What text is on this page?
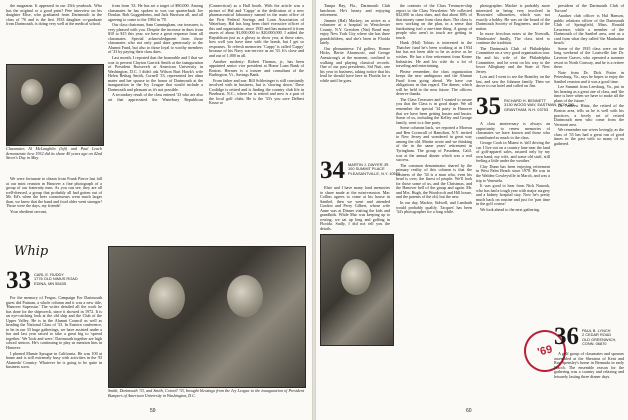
the magazine. It appeared in our 25th yearbook. Who has the original or a good print? Pete interview on his daughter Elise, who graduated from Dartmouth in the class of '76 and is the first 1933 daughter co-graduate from Dartmouth, is doing very well at the medical school.

Classmates Al McLaughlin (left) and Paul Leach demonstrate how 1932 did its share 40 years ago on 42nd Street's Day in May.

We were fortunate to obtain from Frank Pierce last fall at our mini reunion in Hanover a fine photograph of a group of our fraternity men. As you can see, they are all well-dressed, a group that probably all had gotten out of Mr. Ed's when the beer connoisseurs went much larger than, we knew that the band and food older went stronger! Those were the days, my friends!

Your obedient servant,

Whip
33 CARL E. RUDDY
1776 OLD NIMUS ROAD
EDINA, MN 55435

For the memory of Fergus, Campaign For Dartmouth guest did Putnam, a whole column and it was a new title, 'Hanover Superstar.' The writer detailed all the work he has done for the shipwreck, since it showed in 1972. It is an eye-catching look at the old ship and the Club of the Upper Valley. He is in the Alumni Council as well as heading the National Class of '33. In Eastern conference, to be in our 33 huge gatherings, we have assisted under a bar and last year raised to take a great big to 'spread together.' We 'look and were.' Dartmouth together are high school seniors. He's continuing to play as mention him in Hanover.

I phoned Mamie Sprague in California. He was 100 at home and is still extremely busy with activities in the 'El Alameda' Country. Whatever he is going to be quite in business soon.

from from '33. He has set a target of $90,000. Among classmates he has spoken to was our quarterback Joe Donlan. Bob Guggenheim, and Jack Harrison all, and all agreeing to come to the 1984 in '78.

Our class chairman, Sam Cunningham, our treasurer, is very pleased with you. Despite the increase in dues from $10 to $15 this year, we have a great response from all classmates. Special acknowledgment from those classmates who not only paid dues generously to the Alumni Fund, but also to those loyal to worthy members of '33 by paying their class dues.

Last month, I reported that the honorable and I that we was to present Clayton Garrick Smith at the inauguration of President Roosevelt at American University in Washington, D.C. I didn't ask Wilson Burt Hawk's wife Helen Bethag Smith, Cornell '33, represented her alma mater and her spouse in the honor of Dartmouth at the inauguration in the Ivy League that would include a Dartmouth and pleasant as it's not possible.

A secondary result of the class entered '33 who are also art that appreciated the Waterbury Republican (Connecticut) as a Hall booth. With the article was a picture of Hal and 'Cappy' at the dedication of a new pharmaceutical laboratory named in the main office of the First Federal Savings and Loan Association of Waterbury. Hal has long been chief executive officer of this and organization, since 1935 and has matured it from assets of about $1,000,000 to $20,000,000. I added the Republican just as a glossy to show you, at those rates, how well you have time with the bomb, but I get so responses. To refresh memories: 'Cappy' is called 'Cappy' because of his Navy war-service as an '33. It's close and and out of 1,000 in all.

Another modesty: Robert Thomas, jr., has been appointed senior vice president at Home Loan Bank of Boston. Hermes is a trustee and consultant of the Burlington, Vt., Savings Bank.

From father and son: Bill Schlesinger is still constantly involved with in business, but is 'slowing down.' Dave Coolidge is retired and is finding the country club life in Pinehurst, N.C., where he is retired and now is a part of the local golf clubs. He is the '33's you save Delbert Kruse at

Smith, Dartmouth '33, and Smith, Cornell '33, brought blessings from the Ivy League to the inauguration of President Bumpers of American University in Washington, D.C.
59

Tampa Bay, Fla., Dartmouth Club luncheon. He's hearty and enjoying retirement.

Jimmie (Hal) Mackey, an active as a volunteer at a hospital in Westchester County, N.Y. Gretchen (Nat) Bond may enjoy New York City where she has three grandchildren, and she's been in Florida lately.

Our pleasantness: I'd golfers, Homer Hicks, Bertie Abranscott, and George Armstrong's at the moment, confined to walking and playing classical records. One of our past presidents, Sid Nutt, one his year in business, taking notice that his lead he should have here in Florida for a while until he goes.

34 MARTIN J. DWYER JR.
100 SUMMIT PLACE
PLEASANTVILLE, N.Y. 10570

Elsie and I have many fond memories to share made at the mini-reunion. Mac Collins agrees to come at his house in Sanibel, then we went and attended Gordon and Perry Gilbert, whose wife Anne was at Dinner visiting the kids and grandkids. While Mac was keeping up to rowing, we sat up long and golfing in Florida. Sadly, I did not tell you the details.

the contents of the Class Treasurer-ship report to the Class Newsletter. We collected $32,000 in class dues, and that about 80% of that money came from class dues. The class is now working on the plan, in a sense that fundraising isn't a one-time thing. A group of people who aren't in touch are getting in touch.

Hank (Hal) Tobias is interested in the Thatcher fund he's been working at in 1934 but has not been able to be as active as he wishes. He has a fine retirement from Keane Industries. He and his wife do a lot of traveling and entertaining.

Please remember, the class organization keeps the new ambiguous and the Alumni Fund from going ahead. We have our obligations in that regard. The dinner, which will be held in the near future. The officers deserve thanks.

The Class Treasurer and I wanted to assure you that the Class is in good shape. We all remember the special '34 party in Hanover that we have been getting busier and busier. Some of us, including the Kelley and George family, went to a fine party.

Some columns back, we reported a Moreau and Ben Cornwall of Hamilton, N.Y. invited to New Jersey and wondered in great way among the old. Martin wrote and we thinking of the in the same years' retirement in Tyringham. The group of Pasadena, Calif. was at the annual dinner which was a real success.

The common denominator shared by the primary reality of this column is that the business of the '34 is a man who, even his head is over, the finest of people. We'll look for those some of us, and the Christmas, and the Hanover bell of the group and again. Mr. and Mrs. Hugh, the Woodcroft and Hill house, and the parents of the old, but the new.

In our day, Mackie, Sidwell, and Lambuth would probably qualify. 'Jacques' has been '34's photographer for a long while.

photographer. Mackie is probably more interested in being very involved in 'Brownies' silhouettes, which was not exactly a hobby. He was on the board of the Dartmouth Society of Engineers, and of the nation.

In more frivolous notes at the Norwalk, 'Drinkwater' finally, The class tried to continue the tradition.

The Dartmouth Club of Philadelphia Committee on a very good organization tour. He and his wife of the Philadelphia Committee, and he went on his way to the lower Alleghany and the State of New Jersey.

Lois and I went to see the Brantley on the last, and saw the Johnson family. Then we drove to our hotel and called on Jim.

35 RICHARD H. BENNETT
3130 WOOD WAY, EASTMAN, BOX 265
GRANTHAM, N.H. 03753

A class anniversary is always an opportunity to renew memories of classmates we have known and those who contributed so much to the class.

George Cook in Miami is 'still driving the car. I live out on a country lane near the land of golf-apparel sales, assured only by my own hand, my wife, and some old stuff, still feeling a little under the weather.'

Clay Dunn has been enjoying retirement in West Palm Beach since 1978. He was in the Walden Cowleyville in March, and was a trip to Veneuela.

It was good to hear from Nick Nanook, who has had a tough year with major surgery and a kidney hospital stay. Now he's pretty much back on routine and just for 'part time in the golf course.'

We look ahead to the next gathering.

'69

president of the Dartmouth Club of Tucson!

Another club officer is Hal Hanson, public relations officer of the Dartmouth Club of Springfield, Mass. Ronald Lawrence, while a member of the Dartmouth of the Sanibel area, sent us a card from what they called 'the Manhattan beach.'

Some of the 1935 class were on the long weekend of the Louisville late Dr. Laverne Graves, who operated a summer resort in North Conway, and he is a retiree there.

Note from Dr. Dick Potter in Petersburg, Va., says he hopes to enjoy the Sanibel reunion and it was a good time.

Lee Summit from Leesburg, Va., put in his hearing as a great one of class, and 'the time is here when we have to make all the plans of the future.'

Dr. Andrew Hintz, the retired of the Boston area, tells us he is well with his practices, a lovely set of retired Dartmouth men who come from the Vermont area.

We remember our wives lovingly, as the class of '35 has had a great run of good times in the past with so many of us gathered.

36 PAUL B. LYNCH
2 CEDAR ROAD
OLD GREENWICH, CONN. 06870

A golf group of classmates and spouses assembled at the Sheraton of Kent and Ray Spensley's home in Bermuda in early March. The ensemble reason for the gathering was a country and relaxing and leisurely lasting three dinner days.

60
